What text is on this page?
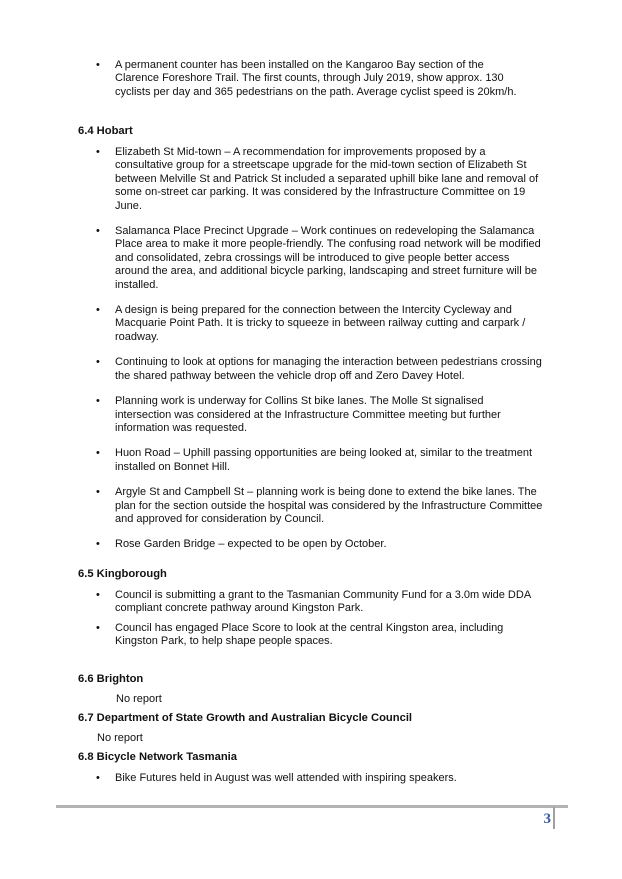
• A permanent counter has been installed on the Kangaroo Bay section of the
Clarence Foreshore Trail. The first counts, through July 2019, show approx. 130
cyclists per day and 365 pedestrians on the path. Average cyclist speed is 20km/h.
6.4 Hobart
• Elizabeth St Mid-town – A recommendation for improvements proposed by a
consultative group for a streetscape upgrade for the mid-town section of Elizabeth St
between Melville St and Patrick St included a separated uphill bike lane and removal of
some on-street car parking. It was considered by the Infrastructure Committee on 19
June.
• Salamanca Place Precinct Upgrade – Work continues on redeveloping the Salamanca
Place area to make it more people-friendly. The confusing road network will be modified
and consolidated, zebra crossings will be introduced to give people better access
around the area, and additional bicycle parking, landscaping and street furniture will be
installed.
• A design is being prepared for the connection between the Intercity Cycleway and
Macquarie Point Path. It is tricky to squeeze in between railway cutting and carpark /
roadway.
• Continuing to look at options for managing the interaction between pedestrians crossing
the shared pathway between the vehicle drop off and Zero Davey Hotel.
• Planning work is underway for Collins St bike lanes. The Molle St signalised
intersection was considered at the Infrastructure Committee meeting but further
information was requested.
• Huon Road – Uphill passing opportunities are being looked at, similar to the treatment
installed on Bonnet Hill.
• Argyle St and Campbell St – planning work is being done to extend the bike lanes. The
plan for the section outside the hospital was considered by the Infrastructure Committee
and approved for consideration by Council.
• Rose Garden Bridge – expected to be open by October.
6.5 Kingborough
• Council is submitting a grant to the Tasmanian Community Fund for a 3.0m wide DDA
compliant concrete pathway around Kingston Park.
• Council has engaged Place Score to look at the central Kingston area, including
Kingston Park, to help shape people spaces.
6.6 Brighton

No report

6.7 Department of State Growth and Australian Bicycle Council

No report

6.8 Bicycle Network Tasmania
• Bike Futures held in August was well attended with inspiring speakers.
3
